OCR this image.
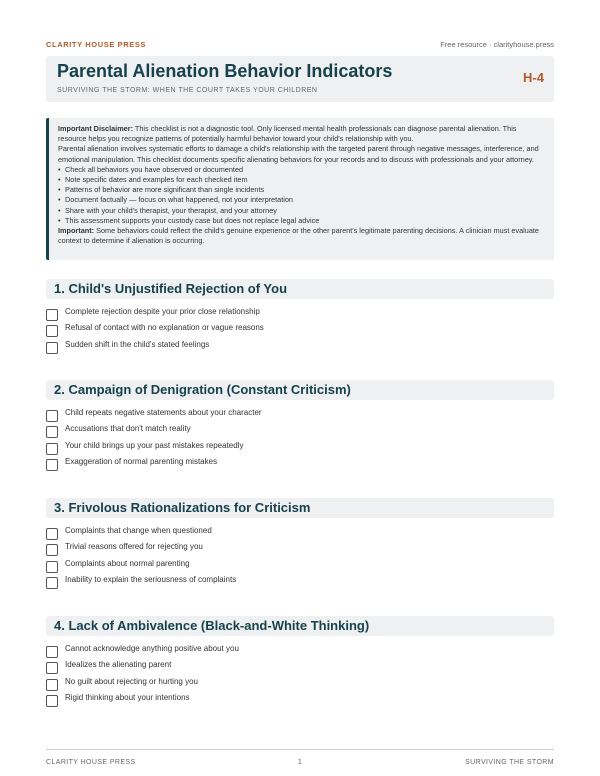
CLARITY HOUSE PRESS	Free resource · clarityhouse.press
Parental Alienation Behavior Indicators
SURVIVING THE STORM: WHEN THE COURT TAKES YOUR CHILDREN
H-4

Important Disclaimer: This checklist is not a diagnostic tool. Only licensed mental health professionals can diagnose parental alienation. This resource helps you recognize patterns of potentially harmful behavior toward your child's relationship with you.

Parental alienation involves systematic efforts to damage a child's relationship with the targeted parent through negative messages, interference, and emotional manipulation. This checklist documents specific alienating behaviors for your records and to discuss with professionals and your attorney.

• Check all behaviors you have observed or documented
• Note specific dates and examples for each checked item
• Patterns of behavior are more significant than single incidents
• Document factually — focus on what happened, not your interpretation
• Share with your child's therapist, your therapist, and your attorney
• This assessment supports your custody case but does not replace legal advice

Important: Some behaviors could reflect the child's genuine experience or the other parent's legitimate parenting decisions. A clinician must evaluate context to determine if alienation is occurring.

1. Child's Unjustified Rejection of You
Complete rejection despite your prior close relationship
Refusal of contact with no explanation or vague reasons
Sudden shift in the child's stated feelings
2. Campaign of Denigration (Constant Criticism)
Child repeats negative statements about your character
Accusations that don't match reality
Your child brings up your past mistakes repeatedly
Exaggeration of normal parenting mistakes
3. Frivolous Rationalizations for Criticism
Complaints that change when questioned
Trivial reasons offered for rejecting you
Complaints about normal parenting
Inability to explain the seriousness of complaints
4. Lack of Ambivalence (Black-and-White Thinking)
Cannot acknowledge anything positive about you
Idealizes the alienating parent
No guilt about rejecting or hurting you
Rigid thinking about your intentions
CLARITY HOUSE PRESS	1	SURVIVING THE STORM
